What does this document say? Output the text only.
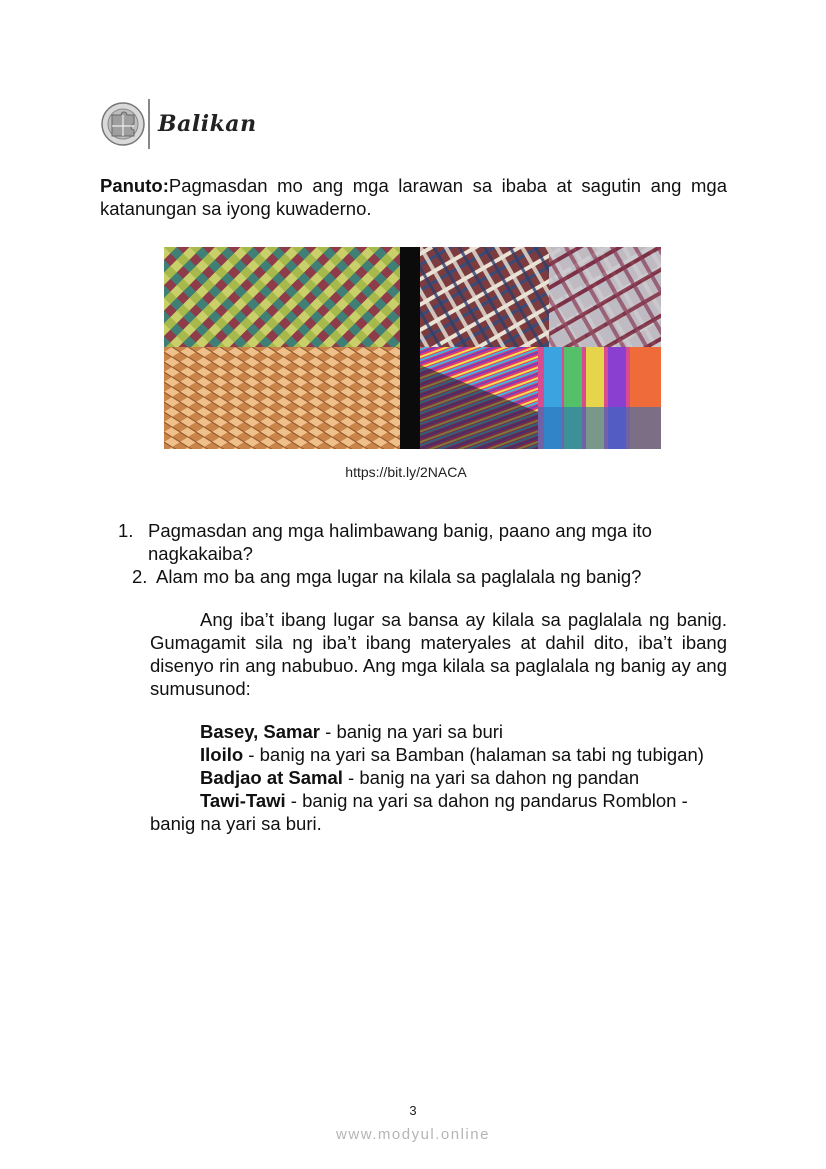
Balikan

Panuto:Pagmasdan mo ang mga larawan sa ibaba at sagutin ang mga katanungan sa iyong kuwaderno.

https://bit.ly/2NACA
1. Pagmasdan ang mga halimbawang banig, paano ang mga ito nagkakaiba?
2. Alam mo ba ang mga lugar na kilala sa paglalala ng banig?

Ang iba’t ibang lugar sa bansa ay kilala sa paglalala ng banig. Gumagamit sila ng iba’t ibang materyales at dahil dito, iba’t ibang disenyo rin ang nabubuo. Ang mga kilala sa paglalala ng banig ay ang sumusunod:

Basey, Samar - banig na yari sa buri
Iloilo - banig na yari sa Bamban (halaman sa tabi ng tubigan)
Badjao at Samal - banig na yari sa dahon ng pandan
Tawi-Tawi - banig na yari sa dahon ng pandarus Romblon -
banig na yari sa buri.
3
www.modyul.online
